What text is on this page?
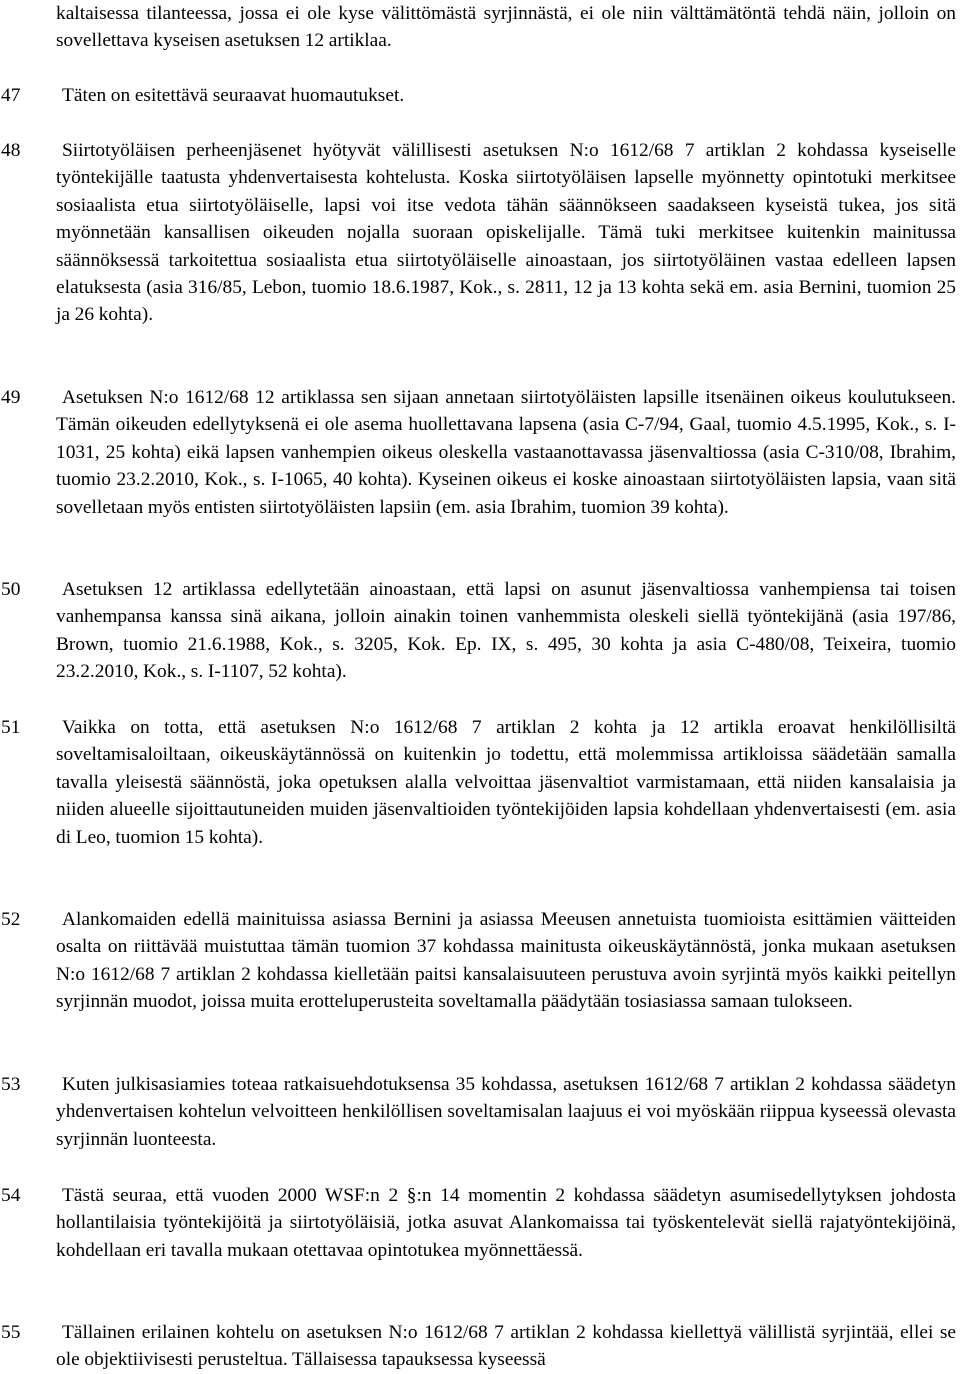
kaltaisessa tilanteessa, jossa ei ole kyse välittömästä syrjinnästä, ei ole niin välttämätöntä tehdä näin, jolloin on sovellettava kyseisen asetuksen 12 artiklaa.
47	Täten on esitettävä seuraavat huomautukset.
48	Siirtotyöläisen perheenjäsenet hyötyvät välillisesti asetuksen N:o 1612/68 7 artiklan 2 kohdassa kyseiselle työntekijälle taatusta yhdenvertaisesta kohtelusta. Koska siirtotyöläisen lapselle myönnetty opintotuki merkitsee sosiaalista etua siirtotyöläiselle, lapsi voi itse vedota tähän säännökseen saadakseen kyseistä tukea, jos sitä myönnetään kansallisen oikeuden nojalla suoraan opiskelijalle. Tämä tuki merkitsee kuitenkin mainitussa säännöksessä tarkoitettua sosiaalista etua siirtotyöläiselle ainoastaan, jos siirtotyöläinen vastaa edelleen lapsen elatuksesta (asia 316/85, Lebon, tuomio 18.6.1987, Kok., s. 2811, 12 ja 13 kohta sekä em. asia Bernini, tuomion 25 ja 26 kohta).
49	Asetuksen N:o 1612/68 12 artiklassa sen sijaan annetaan siirtotyöläisten lapsille itsenäinen oikeus koulutukseen. Tämän oikeuden edellytyksenä ei ole asema huollettavana lapsena (asia C-7/94, Gaal, tuomio 4.5.1995, Kok., s. I-1031, 25 kohta) eikä lapsen vanhempien oikeus oleskella vastaanottavassa jäsenvaltiossa (asia C-310/08, Ibrahim, tuomio 23.2.2010, Kok., s. I-1065, 40 kohta). Kyseinen oikeus ei koske ainoastaan siirtotyöläisten lapsia, vaan sitä sovelletaan myös entisten siirtotyöläisten lapsiin (em. asia Ibrahim, tuomion 39 kohta).
50	Asetuksen 12 artiklassa edellytetään ainoastaan, että lapsi on asunut jäsenvaltiossa vanhempiensa tai toisen vanhempansa kanssa sinä aikana, jolloin ainakin toinen vanhemmista oleskeli siellä työntekijänä (asia 197/86, Brown, tuomio 21.6.1988, Kok., s. 3205, Kok. Ep. IX, s. 495, 30 kohta ja asia C-480/08, Teixeira, tuomio 23.2.2010, Kok., s. I-1107, 52 kohta).
51	Vaikka on totta, että asetuksen N:o 1612/68 7 artiklan 2 kohta ja 12 artikla eroavat henkilöllisiltä soveltamisaloiltaan, oikeuskäytännössä on kuitenkin jo todettu, että molemmissa artikloissa säädetään samalla tavalla yleisestä säännöstä, joka opetuksen alalla velvoittaa jäsenvaltiot varmistamaan, että niiden kansalaisia ja niiden alueelle sijoittautuneiden muiden jäsenvaltioiden työntekijöiden lapsia kohdellaan yhdenvertaisesti (em. asia di Leo, tuomion 15 kohta).
52	Alankomaiden edellä mainituissa asiassa Bernini ja asiassa Meeusen annetuista tuomioista esittämien väitteiden osalta on riittävää muistuttaa tämän tuomion 37 kohdassa mainitusta oikeuskäytännöstä, jonka mukaan asetuksen N:o 1612/68 7 artiklan 2 kohdassa kielletään paitsi kansalaisuuteen perustuva avoin syrjintä myös kaikki peitellyn syrjinnän muodot, joissa muita erotteluperusteita soveltamalla päädytään tosiasiassa samaan tulokseen.
53	Kuten julkisasiamies toteaa ratkaisuehdotuksensa 35 kohdassa, asetuksen 1612/68 7 artiklan 2 kohdassa säädetyn yhdenvertaisen kohtelun velvoitteen henkilöllisen soveltamisalan laajuus ei voi myöskään riippua kyseessä olevasta syrjinnän luonteesta.
54	Tästä seuraa, että vuoden 2000 WSF:n 2 §:n 14 momentin 2 kohdassa säädetyn asumisedellytyksen johdosta hollantilaisia työntekijöitä ja siirtotyöläisiä, jotka asuvat Alankomaissa tai työskentelevät siellä rajatyöntekijöinä, kohdellaan eri tavalla mukaan otettavaa opintotukea myönnettäessä.
55	Tällainen erilainen kohtelu on asetuksen N:o 1612/68 7 artiklan 2 kohdassa kiellettyä välillistä syrjintää, ellei se ole objektiivisesti perusteltua. Tällaisessa tapauksessa kyseessä
